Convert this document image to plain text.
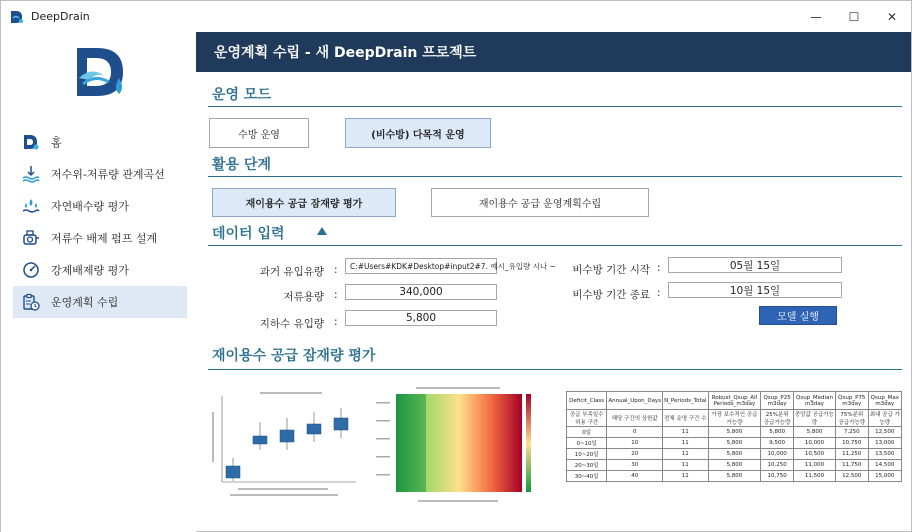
DeepDrain	—	☐	✕
홈
저수위-저류량 관계곡선
자연배수량 평가
저류수 배제 펌프 설계
강제배제량 평가
운영계획 수립
운영계획 수립 - 새 DeepDrain 프로젝트
운영 모드
수방 운영	(비수방) 다목적 운영
활용 단계
재이용수 공급 잠재량 평가	재이용수 공급 운영계획수립
데이터 입력
과거 유입유량 :	C:#Users#KDK#Desktop#input2#7. 예시_유입량 시나 ~
저류용량 :	340,000
지하수 유입량 :	5,800
비수방 기간 시작 :	05월 15일
비수방 기간 종료 :	10월 15일
모델 실행
재이용수 공급 잠재량 평가
Deficit_Class	Annual_Upon_Days	N_Periods_Total	Robust_Qsup_All Periods_m3day	Qsup_P25 m3day	Qsup_Median m3day	Qsup_P75 m3day	Qsup_Max m3day
공급 부족일수 허용 구간	해당 구간의 상한값	전체 운영 구간 수	가장 보수적인 공급 가능량	25%분위 공급가능량	중앙값 공급가능량	75%분위 공급가능량	최대 공급 가능량
0일	0	11	5,800	5,800	5,800	7,250	12,500
0~10일	10	11	5,800	9,500	10,000	10,750	13,000
10~20일	20	11	5,800	10,000	10,500	11,250	13,500
20~30일	30	11	5,800	10,250	11,000	11,750	14,500
30~40일	40	11	5,800	10,750	11,500	12,500	15,000
